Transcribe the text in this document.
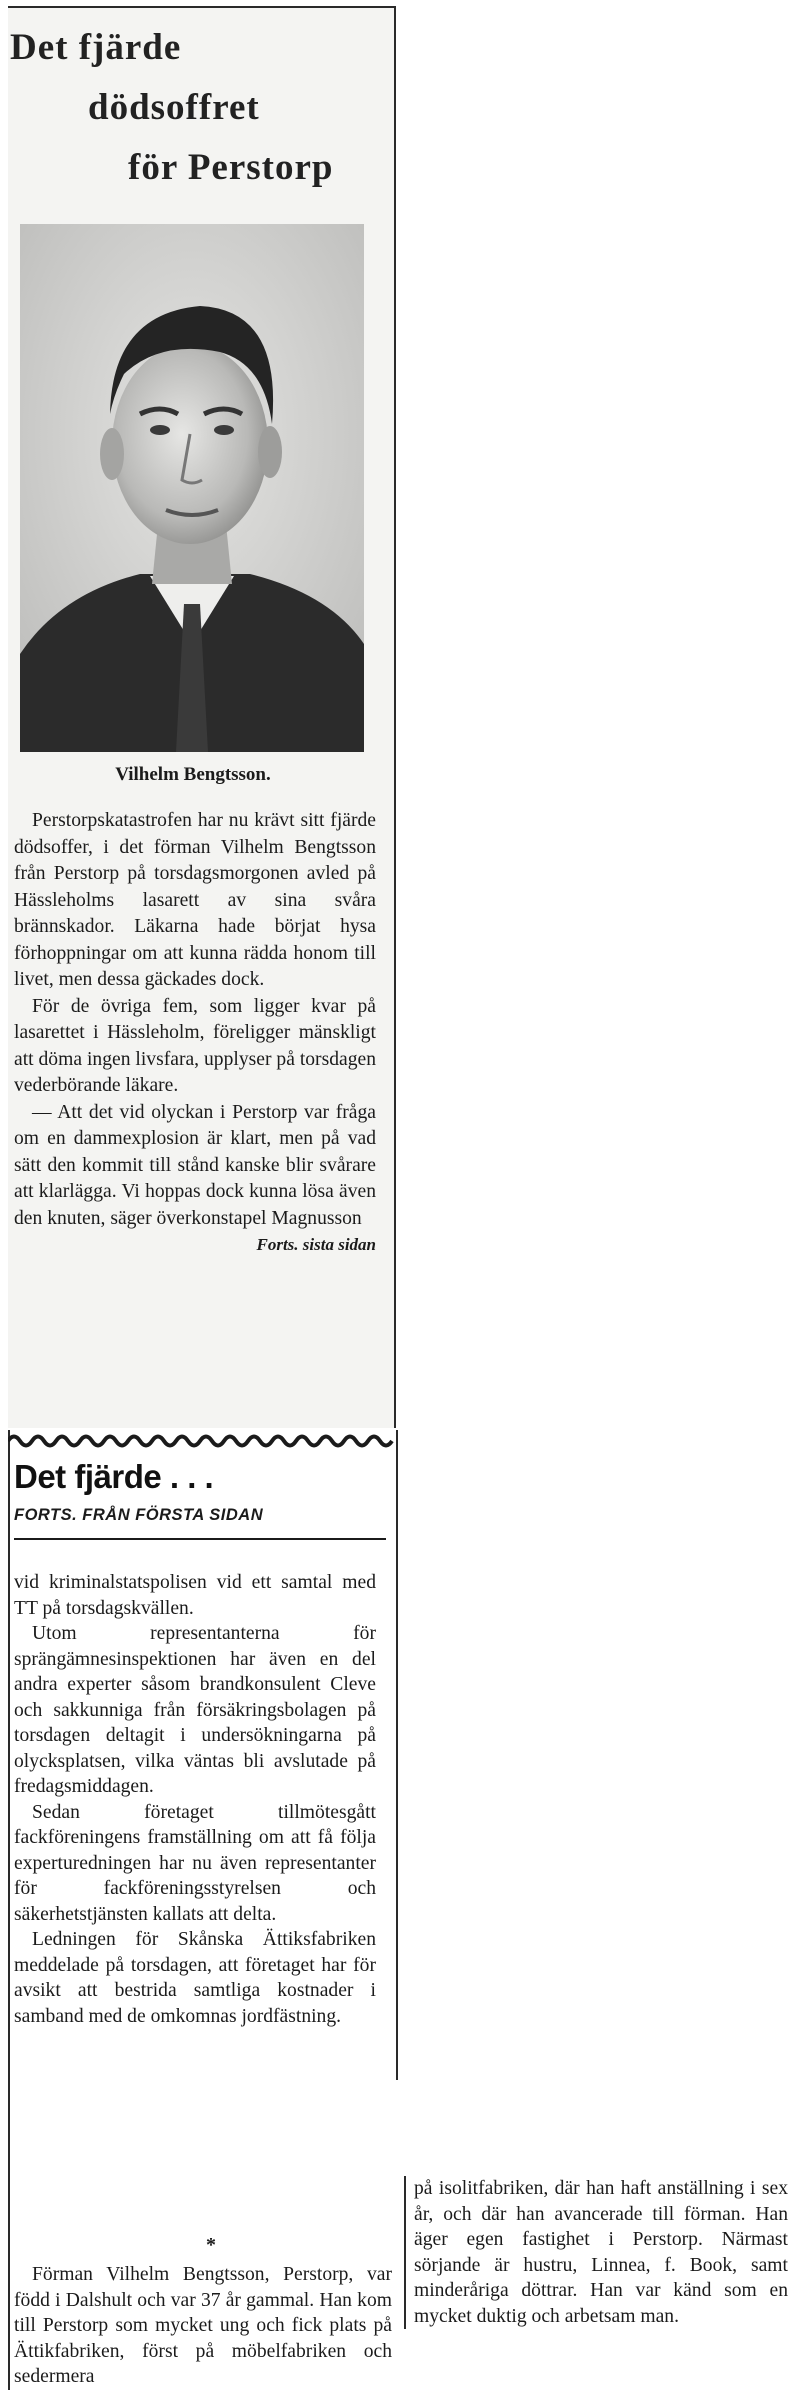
Det fjärde
dödsoffret
för Perstorp
Vilhelm Bengtsson.

Perstorpskatastrofen har nu krävt sitt fjärde dödsoffer, i det förman Vilhelm Bengtsson från Perstorp på torsdagsmorgonen avled på Hässleholms lasarett av sina svåra brännskador. Läkarna hade börjat hysa förhoppningar om att kunna rädda honom till livet, men dessa gäckades dock.

För de övriga fem, som ligger kvar på lasarettet i Hässleholm, föreligger mänskligt att döma ingen livsfara, upplyser på torsdagen vederbörande läkare.

— Att det vid olyckan i Perstorp var fråga om en dammexplosion är klart, men på vad sätt den kommit till stånd kanske blir svårare att klarlägga. Vi hoppas dock kunna lösa även den knuten, säger överkonstapel Magnusson

Forts. sista sidan

Det fjärde . . .
FORTS. FRÅN FÖRSTA SIDAN

vid kriminalstatspolisen vid ett samtal med TT på torsdagskvällen.

Utom representanterna för sprängämnesinspektionen har även en del andra experter såsom brandkonsulent Cleve och sakkunniga från försäkringsbolagen på torsdagen deltagit i undersökningarna på olycksplatsen, vilka väntas bli avslutade på fredagsmiddagen.

Sedan företaget tillmötesgått fackföreningens framställning om att få följa experturedningen har nu även representanter för fackföreningsstyrelsen och säkerhetstjänsten kallats att delta.

Ledningen för Skånska Ättiksfabriken meddelade på torsdagen, att företaget har för avsikt att bestrida samtliga kostnader i samband med de omkomnas jordfästning.

*

Förman Vilhelm Bengtsson, Perstorp, var född i Dalshult och var 37 år gammal. Han kom till Perstorp som mycket ung och fick plats på Ättikfabriken, först på möbelfabriken och sedermera

på isolitfabriken, där han haft anställning i sex år, och där han avancerade till förman. Han äger egen fastighet i Perstorp. Närmast sörjande är hustru, Linnea, f. Book, samt minderåriga döttrar. Han var känd som en mycket duktig och arbetsam man.
